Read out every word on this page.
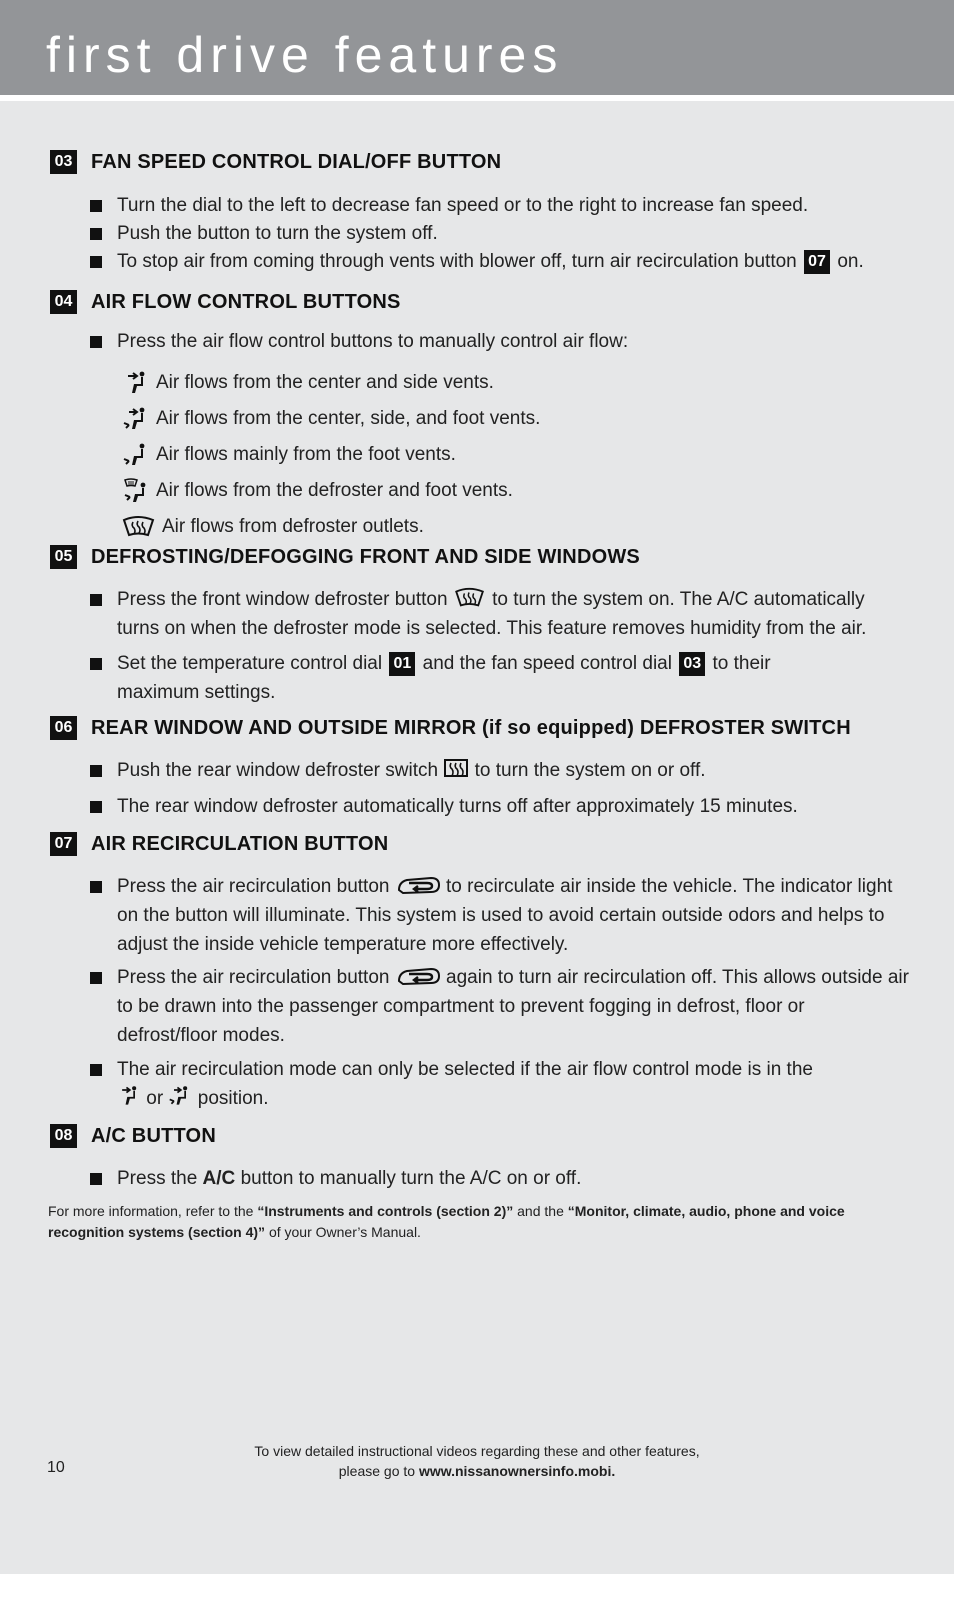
first drive features
03 FAN SPEED CONTROL DIAL/OFF BUTTON
Turn the dial to the left to decrease fan speed or to the right to increase fan speed.
Push the button to turn the system off.
To stop air from coming through vents with blower off, turn air recirculation button 07 on.
04 AIR FLOW CONTROL BUTTONS
Press the air flow control buttons to manually control air flow:
Air flows from the center and side vents.
Air flows from the center, side, and foot vents.
Air flows mainly from the foot vents.
Air flows from the defroster and foot vents.
Air flows from defroster outlets.
05 DEFROSTING/DEFOGGING FRONT AND SIDE WINDOWS
Press the front window defroster button to turn the system on. The A/C automatically turns on when the defroster mode is selected. This feature removes humidity from the air.
Set the temperature control dial 01 and the fan speed control dial 03 to their maximum settings.
06 REAR WINDOW AND OUTSIDE MIRROR (if so equipped) DEFROSTER SWITCH
Push the rear window defroster switch to turn the system on or off.
The rear window defroster automatically turns off after approximately 15 minutes.
07 AIR RECIRCULATION BUTTON
Press the air recirculation button	to recirculate air inside the vehicle. The indicator light on the button will illuminate. This system is used to avoid certain outside odors and helps to adjust the inside vehicle temperature more effectively.
Press the air recirculation button	again to turn air recirculation off. This allows outside air to be drawn into the passenger compartment to prevent fogging in defrost, floor or defrost/floor modes.
The air recirculation mode can only be selected if the air flow control mode is in the
or position.
08 A/C BUTTON
Press the A/C button to manually turn the A/C on or off.
For more information, refer to the “Instruments and controls (section 2)” and the “Monitor, climate, audio, phone and voice recognition systems (section 4)” of your Owner’s Manual.
To view detailed instructional videos regarding these and other features,
please go to www.nissanownersinfo.mobi.
10
